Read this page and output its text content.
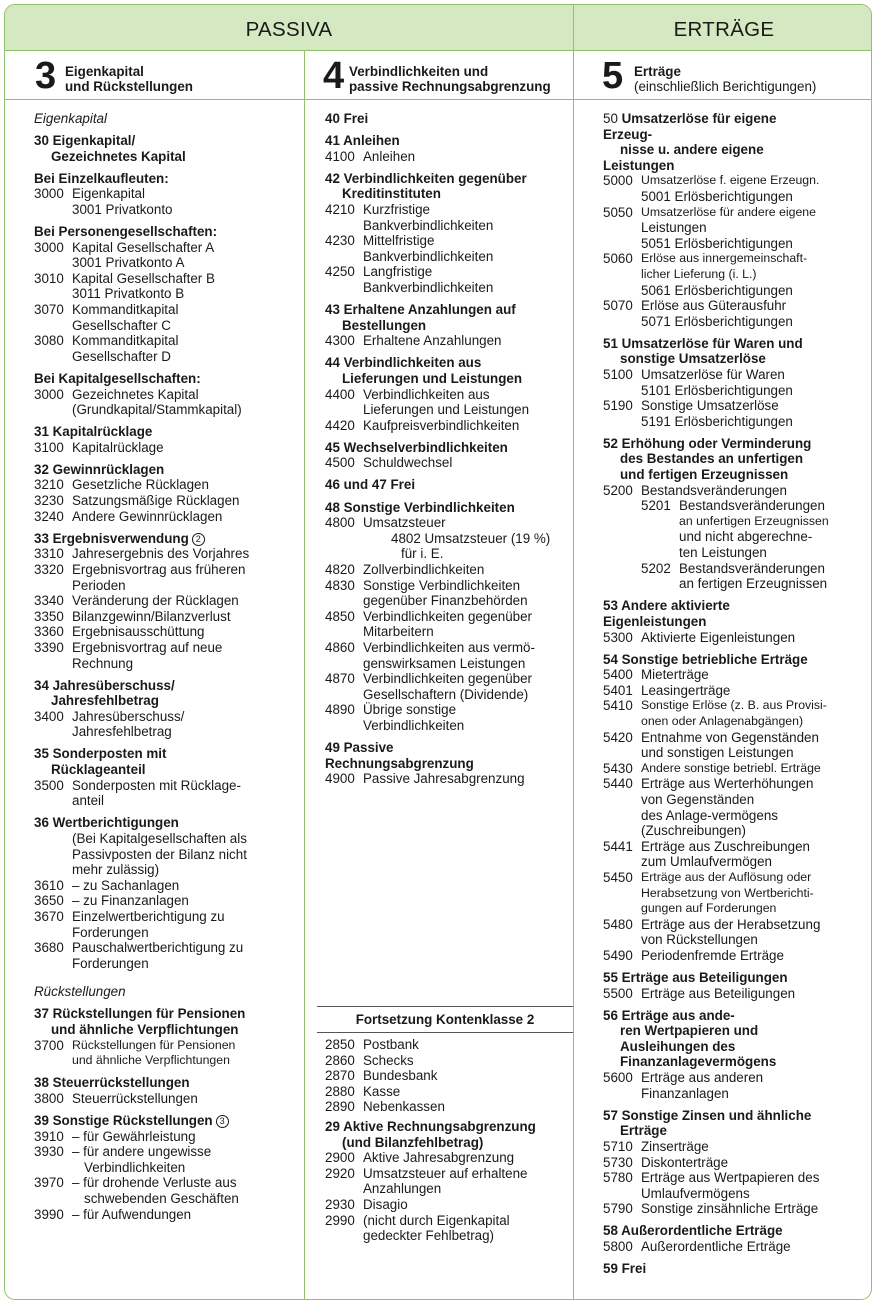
PASSIVA	ERTRÄGE
3 Eigenkapital
und Rückstellungen	4 Verbindlichkeiten und
passive Rechnungsabgrenzung 5 Erträge
(einschließlich Berichtigungen)
Eigenkapital
30 Eigenkapital/
Gezeichnetes Kapital
Bei Einzelkaufleuten:
3000 Eigenkapital
3001 Privatkonto
Bei Personengesellschaften:
3000 Kapital Gesellschafter A
3001 Privatkonto A
3010 Kapital Gesellschafter B
3011 Privatkonto B
3070 Kommanditkapital
Gesellschafter C
3080 Kommanditkapital
Gesellschafter D
Bei Kapitalgesellschaften:
3000 Gezeichnetes Kapital
(Grundkapital/Stammkapital)
31 Kapitalrücklage
3100 Kapitalrücklage
32 Gewinnrücklagen
3210 Gesetzliche Rücklagen
3230 Satzungsmäßige Rücklagen
3240 Andere Gewinnrücklagen
33 Ergebnisverwendung 2
3310 Jahresergebnis des Vorjahres
3320 Ergebnisvortrag aus früheren
Perioden
3340 Veränderung der Rücklagen
3350 Bilanzgewinn/Bilanzverlust
3360 Ergebnisausschüttung
3390 Ergebnisvortrag auf neue
Rechnung
34 Jahresüberschuss/
Jahresfehlbetrag
3400 Jahresüberschuss/
Jahresfehlbetrag
35 Sonderposten mit
Rücklageanteil
3500 Sonderposten mit Rücklage-
anteil
36 Wertberichtigungen
(Bei Kapitalgesellschaften als
Passivposten der Bilanz nicht
mehr zulässig)
3610 – zu Sachanlagen
3650 – zu Finanzanlagen
3670 Einzelwertberichtigung zu
Forderungen
3680 Pauschalwertberichtigung zu
Forderungen
Rückstellungen
37 Rückstellungen für Pensionen
und ähnliche Verpflichtungen
3700 Rückstellungen für Pensionen
und ähnliche Verpflichtungen
38 Steuerrückstellungen
3800 Steuerrückstellungen
39 Sonstige Rückstellungen 3
3910 – für Gewährleistung
3930 – für andere ungewisse
Verbindlichkeiten
3970 – für drohende Verluste aus
schwebenden Geschäften
3990 – für Aufwendungen
40 Frei
41 Anleihen
4100 Anleihen
42 Verbindlichkeiten gegenüber
Kreditinstituten
4210 Kurzfristige
Bankverbindlichkeiten
4230 Mittelfristige
Bankverbindlichkeiten
4250 Langfristige
Bankverbindlichkeiten
43 Erhaltene Anzahlungen auf
Bestellungen
4300 Erhaltene Anzahlungen
44 Verbindlichkeiten aus
Lieferungen und Leistungen
4400 Verbindlichkeiten aus
Lieferungen und Leistungen
4420 Kaufpreisverbindlichkeiten
45 Wechselverbindlichkeiten
4500 Schuldwechsel
46 und 47 Frei
48 Sonstige Verbindlichkeiten
4800 Umsatzsteuer
4802 Umsatzsteuer (19 %)
für i. E.
4820 Zollverbindlichkeiten
4830 Sonstige Verbindlichkeiten
gegenüber Finanzbehörden
4850 Verbindlichkeiten gegenüber
Mitarbeitern
4860 Verbindlichkeiten aus vermö-
genswirksamen Leistungen
4870 Verbindlichkeiten gegenüber
Gesellschaftern (Dividende)
4890 Übrige sonstige
Verbindlichkeiten
49 Passive
Rechnungsabgrenzung
4900 Passive Jahresabgrenzung
Fortsetzung Kontenklasse 2
2850 Postbank
2860 Schecks
2870 Bundesbank
2880 Kasse
2890 Nebenkassen
29 Aktive Rechnungsabgrenzung
(und Bilanzfehlbetrag)
2900 Aktive Jahresabgrenzung
2920 Umsatzsteuer auf erhaltene
Anzahlungen
2930 Disagio
2990 (nicht durch Eigenkapital
gedeckter Fehlbetrag)
50 Umsatzerlöse für eigene
Erzeug-
nisse u. andere eigene
Leistungen
5000 Umsatzerlöse f. eigene Erzeugn.
5001 Erlösberichtigungen
5050 Umsatzerlöse für andere eigene
Leistungen
5051 Erlösberichtigungen
5060 Erlöse aus innergemeinschaft-
licher Lieferung (i. L.)
5061 Erlösberichtigungen
5070 Erlöse aus Güterausfuhr
5071 Erlösberichtigungen
51 Umsatzerlöse für Waren und
sonstige Umsatzerlöse
5100 Umsatzerlöse für Waren
5101 Erlösberichtigungen
5190 Sonstige Umsatzerlöse
5191 Erlösberichtigungen
52 Erhöhung oder Verminderung
des Bestandes an unfertigen
und fertigen Erzeugnissen
5200 Bestandsveränderungen
5201 Bestandsveränderungen
an unfertigen Erzeugnissen
und nicht abgerechne-
ten Leistungen
5202 Bestandsveränderungen
an fertigen Erzeugnissen
53 Andere aktivierte
Eigenleistungen
5300 Aktivierte Eigenleistungen
54 Sonstige betriebliche Erträge
5400 Mieterträge
5401 Leasingerträge
5410 Sonstige Erlöse (z. B. aus Provisi-
onen oder Anlagenabgängen)
5420 Entnahme von Gegenständen
und sonstigen Leistungen
5430 Andere sonstige betriebl. Erträge
5440 Erträge aus Werterhöhungen
von Gegenständen
des Anlage-vermögens
(Zuschreibungen)
5441 Erträge aus Zuschreibungen
zum Umlaufvermögen
5450 Erträge aus der Auflösung oder
Herabsetzung von Wertberichti-
gungen auf Forderungen
5480 Erträge aus der Herabsetzung
von Rückstellungen
5490 Periodenfremde Erträge
55 Erträge aus Beteiligungen
5500 Erträge aus Beteiligungen
56 Erträge aus ande-
ren Wertpapieren und
Ausleihungen des
Finanzanlagevermögens
5600 Erträge aus anderen
Finanzanlagen
57 Sonstige Zinsen und ähnliche
Erträge
5710 Zinserträge
5730 Diskonterträge
5780 Erträge aus Wertpapieren des
Umlaufvermögens
5790 Sonstige zinsähnliche Erträge
58 Außerordentliche Erträge
5800 Außerordentliche Erträge
59 Frei
